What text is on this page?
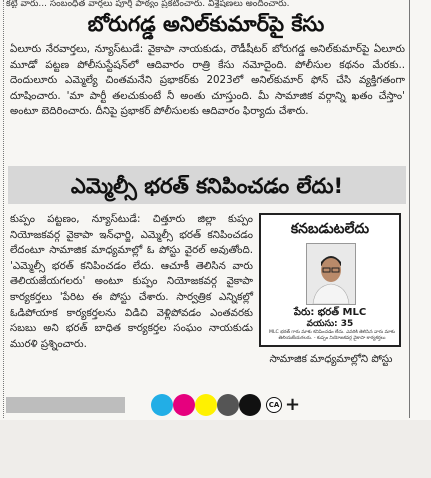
కట్టి వారు... సంబంధిత వార్తలు పూర్తి పాఠ్యం ప్రకటించారు. విశ్లేషణలు అందించారు.
బోరుగడ్డ అనిల్‌కుమార్‌పై కేసు
ఏలూరు నేరవార్తలు, న్యూస్‌టుడే: వైకాపా నాయకుడు, రౌడీషీటర్ బోరుగడ్డ అనిల్‌కుమార్‌పై ఏలూరు మూడో పట్టణ పోలీసుస్టేషన్‌లో ఆదివారం రాత్రి కేసు నమోదైంది. పోలీసుల కథనం మేరకు.. దెందులూరు ఎమ్మెల్యే చింతమనేని ప్రభాకర్‌కు 2023లో అనిల్‌కుమార్ ఫోన్ చేసి వ్యక్తిగతంగా దూషించారు. 'మా పార్టీ తలచుకుంటే నీ అంతు చూస్తుంది. మీ సామాజిక వర్గాన్ని ఖతం చేస్తాం' అంటూ బెదిరించారు. దీనిపై ప్రభాకర్ పోలీసులకు ఆదివారం ఫిర్యాదు చేశారు.
ఎమ్మెల్సీ భరత్ కనిపించడం లేదు!
కుప్పం పట్టణం, న్యూస్‌టుడే: చిత్తూరు జిల్లా కుప్పం నియోజకవర్గ వైకాపా ఇన్‌ఛార్జి, ఎమ్మెల్సీ భరత్ కనిపించడం లేదంటూ సామాజిక మాధ్యమాల్లో ఓ పోస్టు వైరల్ అవుతోంది. 'ఎమ్మెల్సీ భరత్ కనిపించడం లేదు. ఆచూకీ తెలిసిన వారు తెలియజేయగలరు' అంటూ కుప్పం నియోజకవర్గ వైకాపా కార్యకర్తలు 'పేరిట ఈ పోస్టు చేశారు. సార్వత్రిక ఎన్నికల్లో ఓడిపోయాక కార్యకర్తలను విడిచి వెళ్లిపోవడం ఎంతవరకు సబబు అని భరత్ బాధిత కార్యకర్తల సంఘం నాయకుడు మురళి ప్రశ్నించారు.
కనబడుటలేదు
పేరు: భరత్ MLC
వయసు: 35
MLC భరత్ గారు మాకు కనిపించడం లేదు. ఎవరికి తెలిసిన వారు మాకు తెలియజేయగలరు. - కుప్పం నియోజకవర్గ వైకాపా కార్యకర్తలు
సామాజిక మాధ్యమాల్లోని పోస్టు
CA +
